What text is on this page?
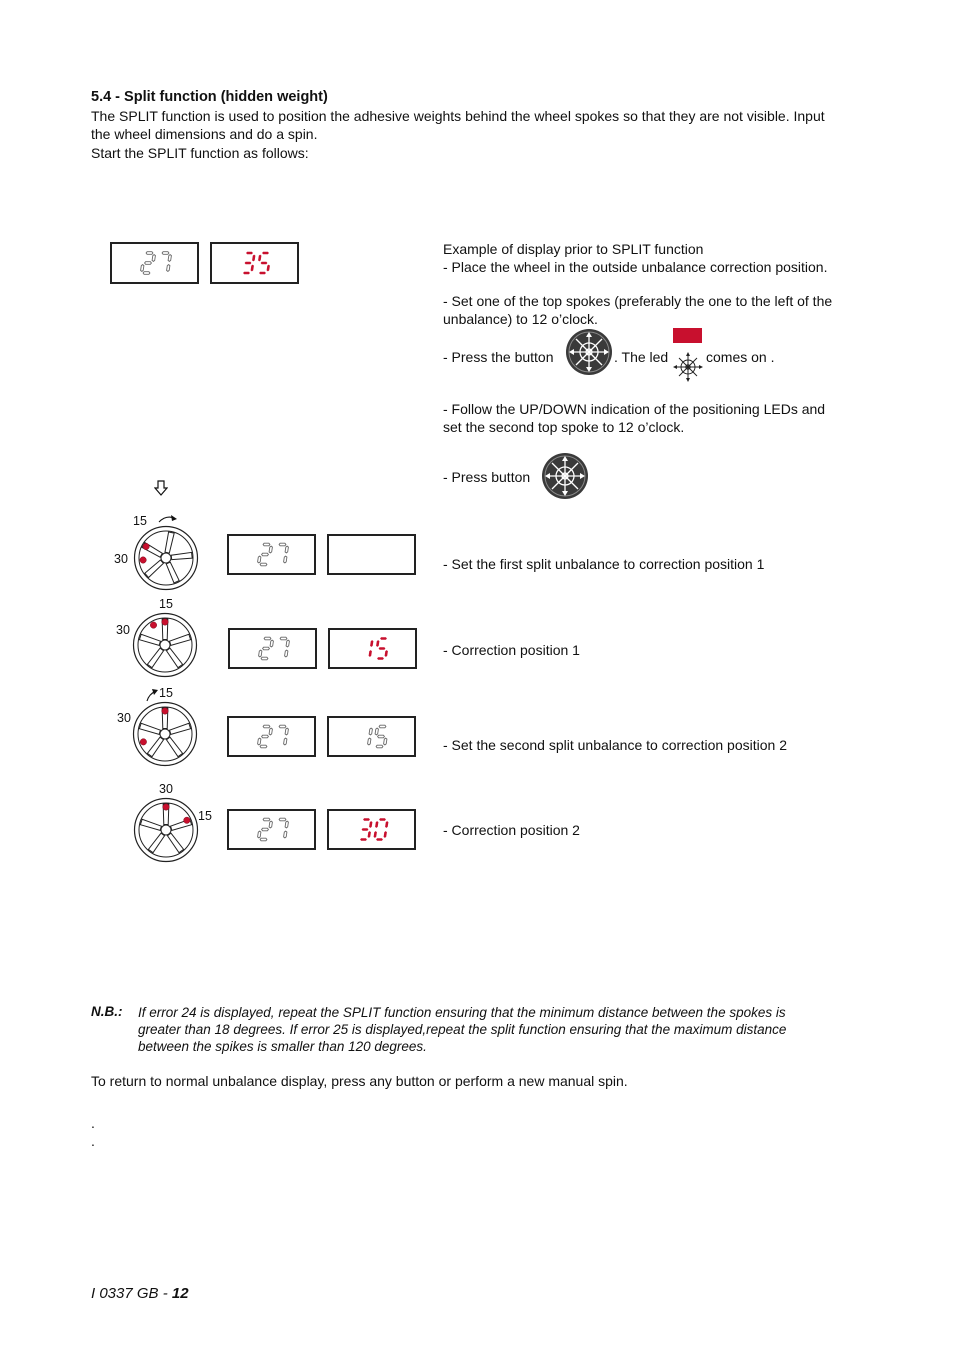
5.4 - Split function (hidden weight)
The SPLIT function is used to position the adhesive weights behind the wheel spokes so that they are not visible. Input the wheel dimensions and do a spin.
Start the SPLIT function as follows:
Example of display prior to SPLIT function
- Place the wheel in the outside unbalance correction position.
- Set one of the top spokes (preferably the one to the left of the unbalance) to 12 o’clock.
- Press the button	. The led	comes on .
- Follow the UP/DOWN indication of the positioning LEDs and set the second top spoke to 12 o’clock.
- Press button
15
30	- Set the first split unbalance to correction position 1
15
30
- Correction position 1
15
30
- Set the second split unbalance to correction position 2
30
15
- Correction position 2
N.B.: If error 24 is displayed, repeat the SPLIT function ensuring that the minimum distance between the spokes is greater than 18 degrees. If error 25 is displayed,repeat the split function ensuring that the maximum distance between the spikes is smaller than 120 degrees.
To return to normal unbalance display, press any button or perform a new manual spin.
.
.
I 0337 GB - 12
